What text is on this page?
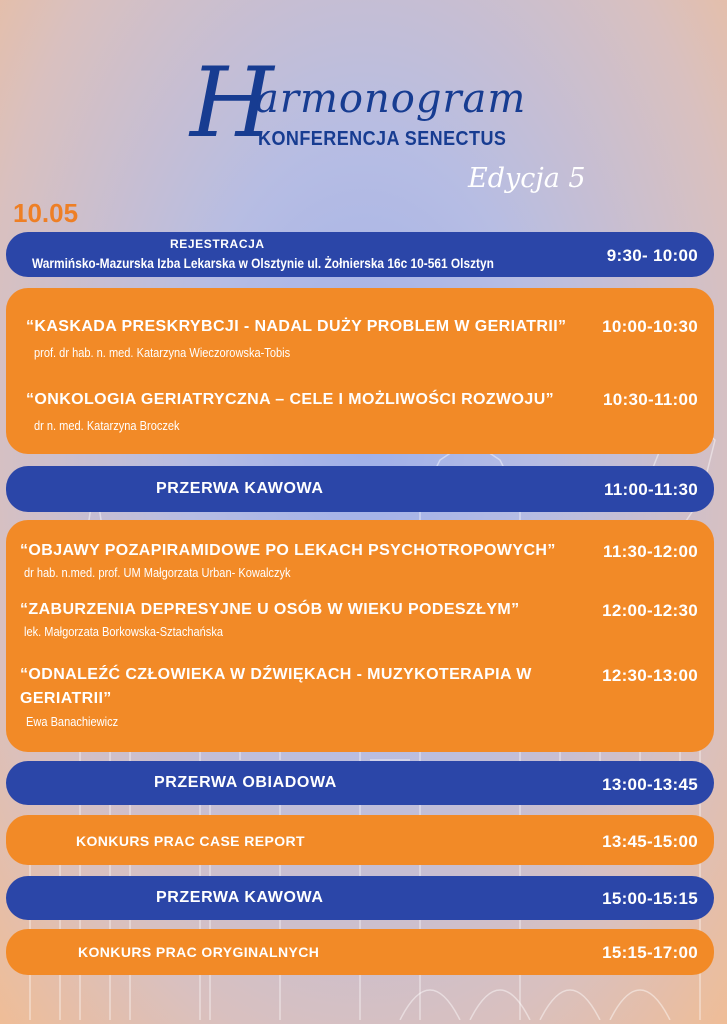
H
armonogram
KONFERENCJA SENECTUS
Edycja 5
10.05
REJESTRACJA
Warmińsko-Mazurska Izba Lekarska w Olsztynie ul. Żołnierska 16c 10-561 Olsztyn	9:30- 10:00
“KASKADA PRESKRYBCJI - NADAL DUŻY PROBLEM W GERIATRII”
prof. dr hab. n. med. Katarzyna Wieczorowska-Tobis
10:00-10:30
“ONKOLOGIA GERIATRYCZNA – CELE I MOŻLIWOŚCI ROZWOJU”
dr n. med. Katarzyna Broczek
10:30-11:00
PRZERWA KAWOWA	11:00-11:30
“OBJAWY POZAPIRAMIDOWE PO LEKACH PSYCHOTROPOWYCH”
dr hab. n.med. prof. UM Małgorzata Urban- Kowalczyk
11:30-12:00
“ZABURZENIA DEPRESYJNE U OSÓB W WIEKU PODESZŁYM”
lek. Małgorzata Borkowska-Sztachańska
12:00-12:30
“ODNALEŹĆ CZŁOWIEKA W DŹWIĘKACH - MUZYKOTERAPIA W
GERIATRII”
Ewa Banachiewicz
12:30-13:00
PRZERWA OBIADOWA	13:00-13:45
KONKURS PRAC CASE REPORT	13:45-15:00
PRZERWA KAWOWA	15:00-15:15
KONKURS PRAC ORYGINALNYCH	15:15-17:00
